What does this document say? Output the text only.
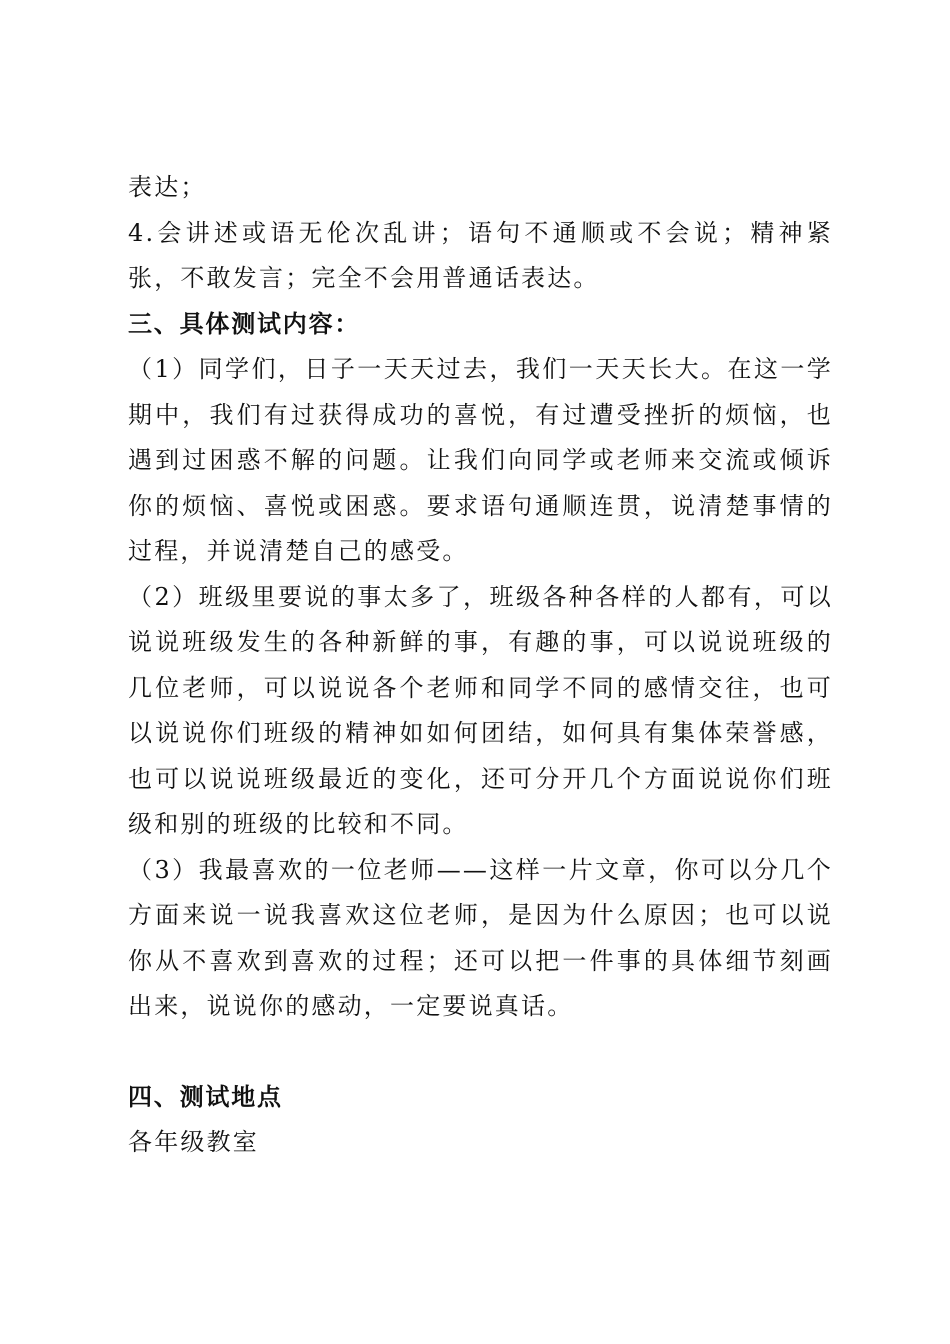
表达；

4.会讲述或语无伦次乱讲；语句不通顺或不会说；精神紧张，不敢发言；完全不会用普通话表达。

三、具体测试内容：

（1）同学们，日子一天天过去，我们一天天长大。在这一学期中，我们有过获得成功的喜悦，有过遭受挫折的烦恼，也遇到过困惑不解的问题。让我们向同学或老师来交流或倾诉你的烦恼、喜悦或困惑。要求语句通顺连贯，说清楚事情的过程，并说清楚自己的感受。

（2）班级里要说的事太多了，班级各种各样的人都有，可以说说班级发生的各种新鲜的事，有趣的事，可以说说班级的几位老师，可以说说各个老师和同学不同的感情交往，也可以说说你们班级的精神如如何团结，如何具有集体荣誉感，也可以说说班级最近的变化，还可分开几个方面说说你们班级和别的班级的比较和不同。

（3）我最喜欢的一位老师——这样一片文章，你可以分几个方面来说一说我喜欢这位老师，是因为什么原因；也可以说你从不喜欢到喜欢的过程；还可以把一件事的具体细节刻画出来，说说你的感动，一定要说真话。

四、测试地点

各年级教室
